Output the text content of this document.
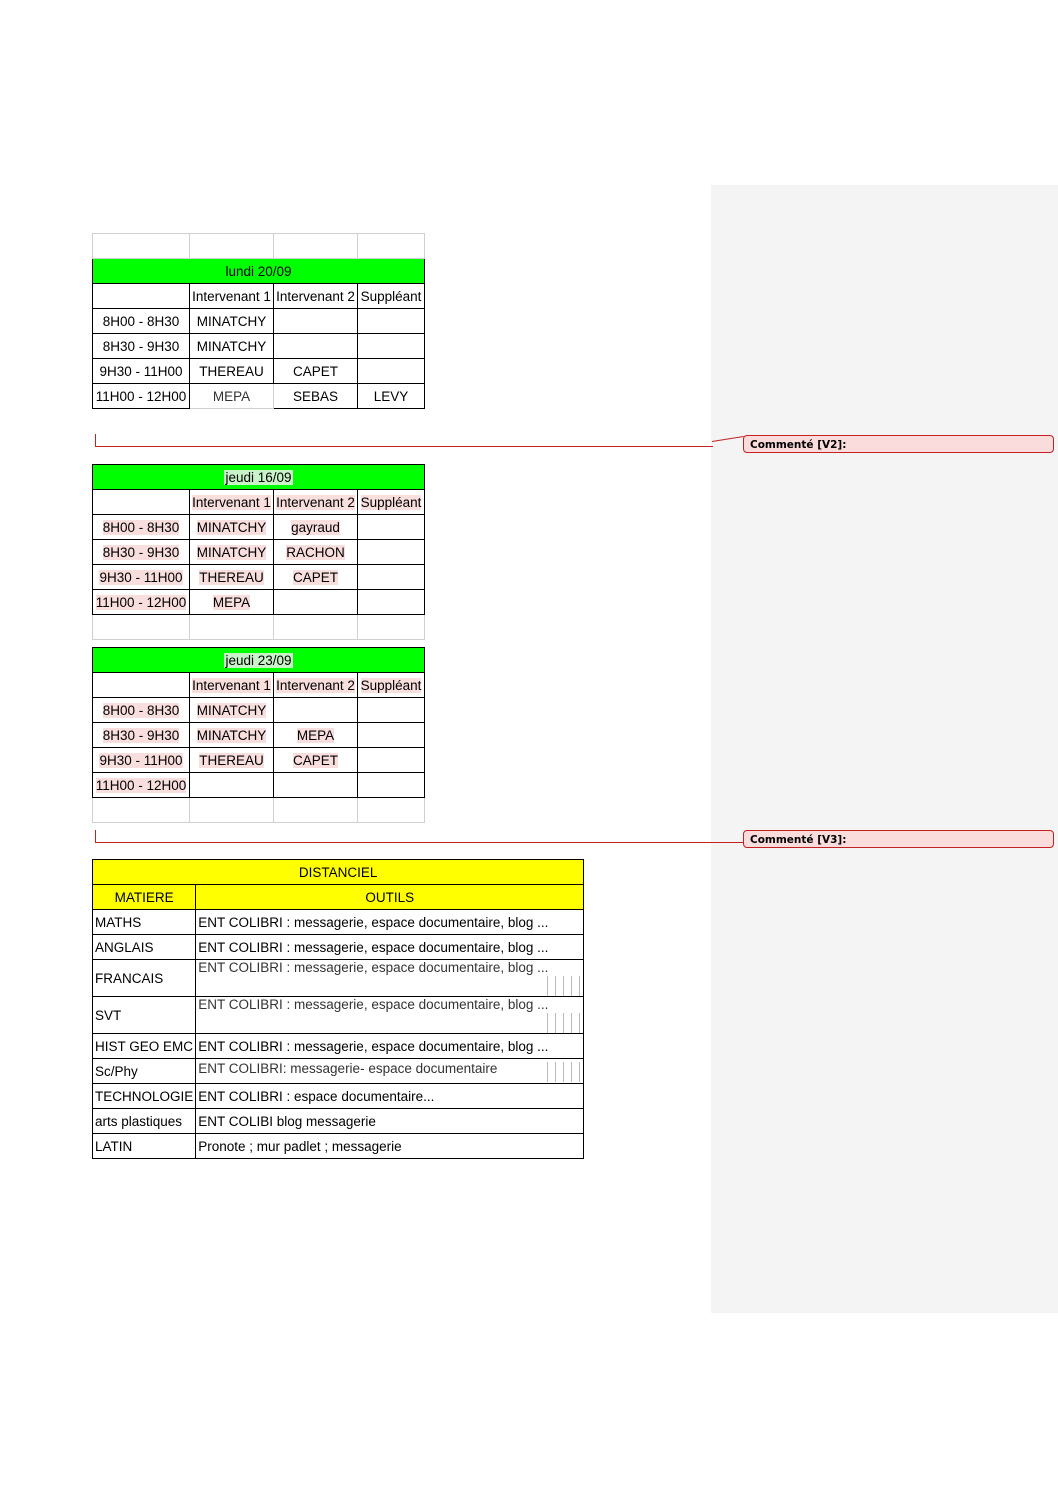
lundi 20/09			
	Intervenant 1	Intervenant 2	Suppléant
8H00 - 8H30	MINATCHY		
8H30 - 9H30	MINATCHY		
9H30 - 11H00	THEREAU	CAPET	
11H00 - 12H00	MEPA	SEBAS	LEVY
Commenté [V2]:
jeudi 16/09			
	Intervenant 1	Intervenant 2	Suppléant
8H00 - 8H30	MINATCHY	gayraud	
8H30 - 9H30	MINATCHY	RACHON	
9H30 - 11H00	THEREAU	CAPET	
11H00 - 12H00	MEPA		

jeudi 23/09			
	Intervenant 1	Intervenant 2	Suppléant
8H00 - 8H30	MINATCHY		
8H30 - 9H30	MINATCHY	MEPA	
9H30 - 11H00	THEREAU	CAPET	
11H00 - 12H00			

Commenté [V3]:
DISTANCIEL	
MATIERE	OUTILS
MATHS	ENT COLIBRI : messagerie, espace documentaire, blog ...
ANGLAIS	ENT COLIBRI : messagerie, espace documentaire, blog ...
FRANCAIS	ENT COLIBRI : messagerie, espace documentaire, blog ...

SVT	ENT COLIBRI : messagerie, espace documentaire, blog ...

HIST GEO EMC	ENT COLIBRI : messagerie, espace documentaire, blog ...
Sc/Phy	ENT COLIBRI: messagerie- espace documentaire

TECHNOLOGIE	ENT COLIBRI : espace documentaire...
arts plastiques	ENT COLIBI blog messagerie
LATIN	Pronote ; mur padlet ; messagerie
